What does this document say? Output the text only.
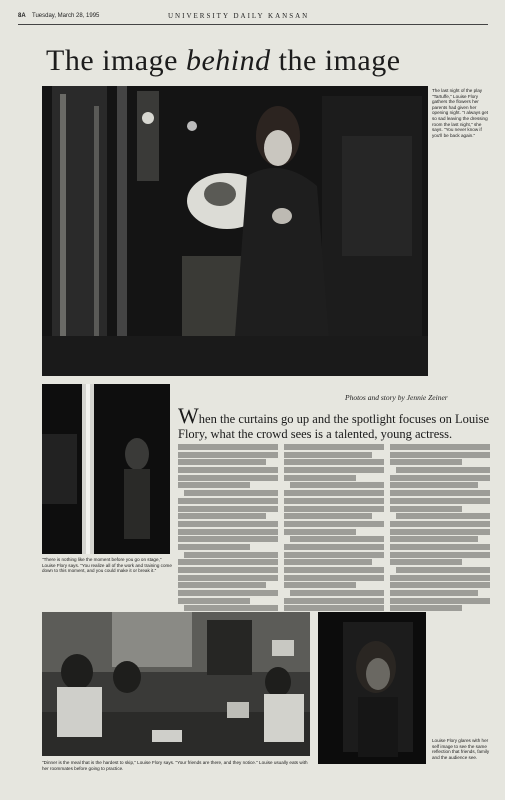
8A Tuesday, March 28, 1995	UNIVERSITY DAILY KANSAN
The image behind the image
The last night of the play "Tartuffe," Louise Flory gathers the flowers her parents had given her opening night. "I always get so sad leaving the dressing room the last night," she says. "You never know if you'll be back again."
"There is nothing like the moment before you go on stage," Louise Flory says. "You realize all of the work and training come down to this moment, and you could make it or break it."
Photos and story by Jennie Zeiner
When the curtains go up and the spotlight focuses on Louise Flory, what the crowd sees is a talented, young actress.
"Dinner is the meal that is the hardest to skip," Louise Flory says. "Your friends are there, and they notice." Louise usually eats with her roommates before going to practice.
Louise Flory glares with her self image to see the same reflection that friends, family and the audience see.
